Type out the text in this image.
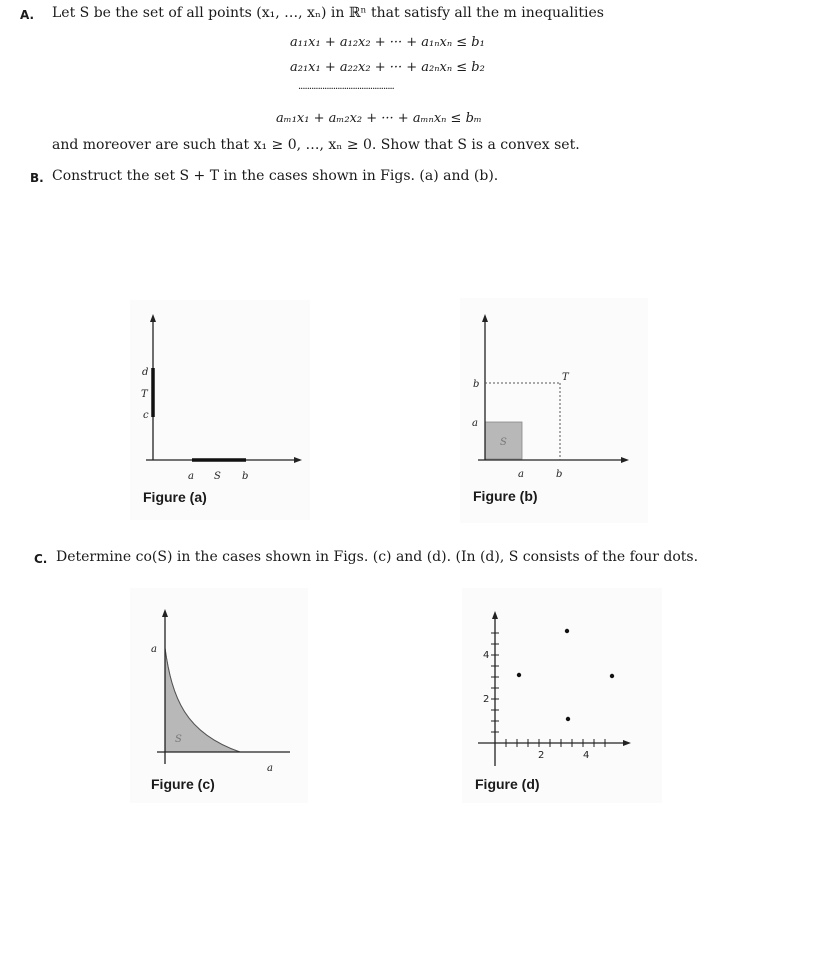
A. Let S be the set of all points (x₁, …, xₙ) in ℝⁿ that satisfy all the m inequalities
a₁₁x₁ + a₁₂x₂ + ··· + a₁ₙxₙ ≤ b₁
a₂₁x₁ + a₂₂x₂ + ··· + a₂ₙxₙ ≤ b₂
············································
aₘ₁x₁ + aₘ₂x₂ + ··· + aₘₙxₙ ≤ bₘ
and moreover are such that x₁ ≥ 0, …, xₙ ≥ 0. Show that S is a convex set.
B. Construct the set S + T in the cases shown in Figs. (a) and (b).
d
T
c
a S b
Figure (a)
b
a
T
S
a	b
Figure (b)
C. Determine co(S) in the cases shown in Figs. (c) and (d). (In (d), S consists of the four dots.
a
S
a
Figure (c)
4
2
2	4
Figure (d)
